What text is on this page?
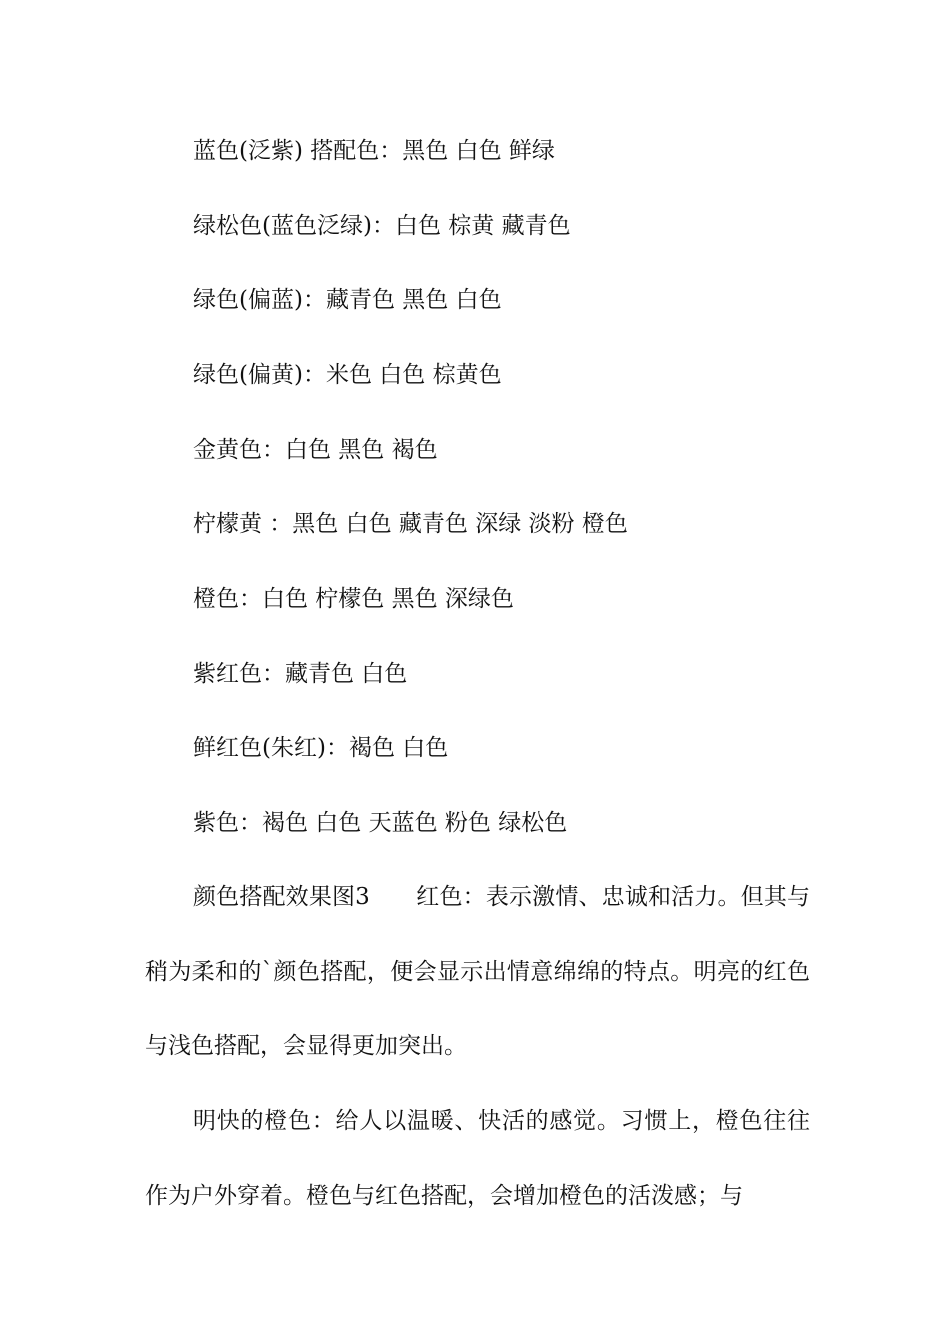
蓝色(泛紫) 搭配色：黑色 白色 鲜绿
绿松色(蓝色泛绿)：白色 棕黄 藏青色
绿色(偏蓝)：藏青色 黑色 白色
绿色(偏黄)：米色 白色 棕黄色
金黄色：白色 黑色 褐色
柠檬黄 ：黑色 白色 藏青色 深绿 淡粉 橙色
橙色：白色 柠檬色 黑色 深绿色
紫红色：藏青色 白色
鲜红色(朱红)：褐色 白色
紫色：褐色 白色 天蓝色 粉色 绿松色

颜色搭配效果图3　　红色：表示激情、忠诚和活力。但其与稍为柔和的`颜色搭配，便会显示出情意绵绵的特点。明亮的红色与浅色搭配，会显得更加突出。

明快的橙色：给人以温暖、快活的感觉。习惯上，橙色往往作为户外穿着。橙色与红色搭配，会增加橙色的活泼感；与
